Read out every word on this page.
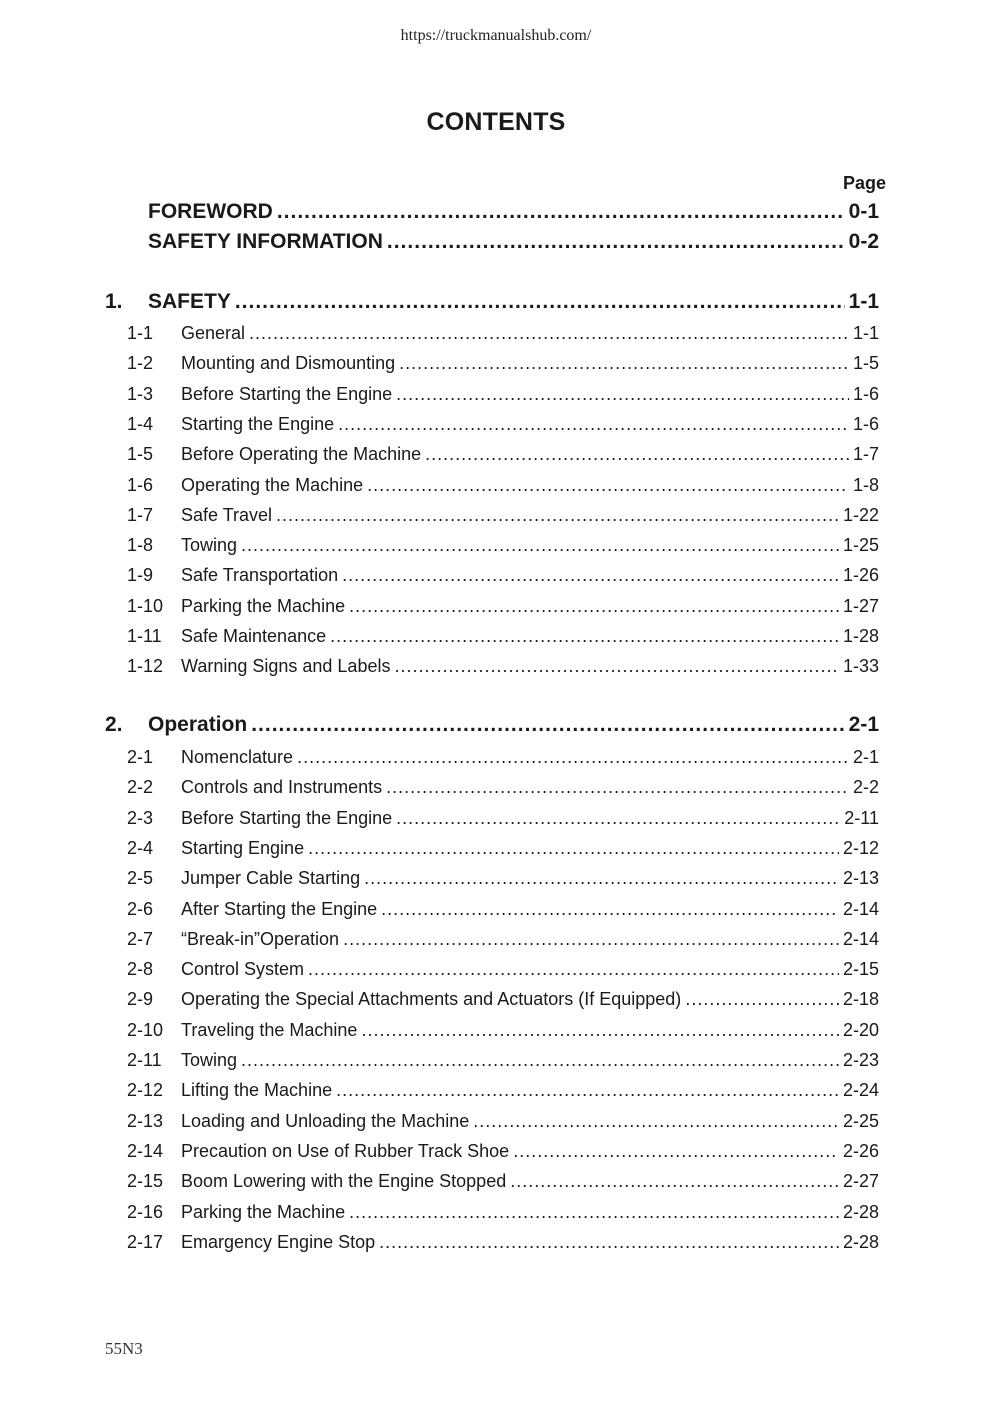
https://truckmanualshub.com/
CONTENTS
Page
FOREWORD .....	0-1
SAFETY INFORMATION .....	0-2
1. SAFETY .....	1-1
1-1 General .....	1-1
1-2 Mounting and Dismounting .....	1-5
1-3 Before Starting the Engine .....	1-6
1-4 Starting the Engine .....	1-6
1-5 Before Operating the Machine .....	1-7
1-6 Operating the Machine .....	1-8
1-7 Safe Travel .....	1-22
1-8 Towing .....	1-25
1-9 Safe Transportation .....	1-26
1-10 Parking the Machine .....	1-27
1-11 Safe Maintenance .....	1-28
1-12 Warning Signs and Labels .....	1-33
2. Operation .....	2-1
2-1 Nomenclature .....	2-1
2-2 Controls and Instruments .....	2-2
2-3 Before Starting the Engine .....	2-11
2-4 Starting Engine .....	2-12
2-5 Jumper Cable Starting .....	2-13
2-6 After Starting the Engine .....	2-14
2-7 “Break-in”Operation .....	2-14
2-8 Control System .....	2-15
2-9 Operating the Special Attachments and Actuators (If Equipped) .....	2-18
2-10 Traveling the Machine .....	2-20
2-11 Towing .....	2-23
2-12 Lifting the Machine .....	2-24
2-13 Loading and Unloading the Machine .....	2-25
2-14 Precaution on Use of Rubber Track Shoe .....	2-26
2-15 Boom Lowering with the Engine Stopped .....	2-27
2-16 Parking the Machine .....	2-28
2-17 Emargency Engine Stop .....	2-28
55N3
